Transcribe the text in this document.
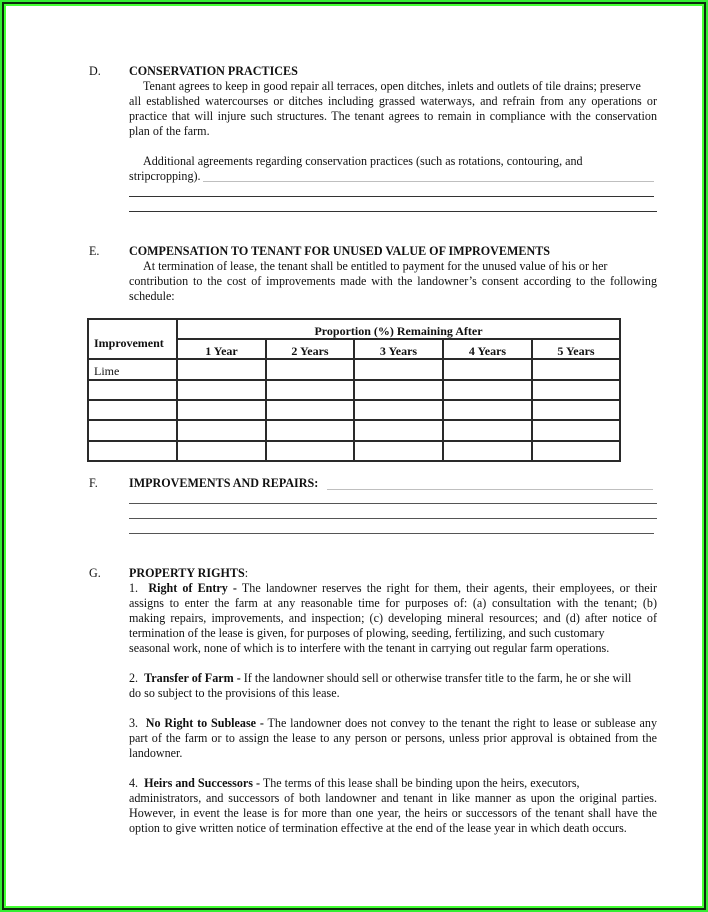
D. CONSERVATION PRACTICES

Tenant agrees to keep in good repair all terraces, open ditches, inlets and outlets of tile drains; preserve

all established watercourses or ditches including grassed waterways, and refrain from any operations or

practice that will injure such structures. The tenant agrees to remain in compliance with the conservation

plan of the farm.

Additional agreements regarding conservation practices (such as rotations, contouring, and

stripcropping).

E. COMPENSATION TO TENANT FOR UNUSED VALUE OF IMPROVEMENTS

At termination of lease, the tenant shall be entitled to payment for the unused value of his or her

contribution to the cost of improvements made with the landowner’s consent according to the following

schedule:

Improvement	Proportion (%) Remaining After				
	1 Year	2 Years	3 Years	4 Years	5 Years
Lime					

F.	IMPROVEMENTS AND REPAIRS:
G. PROPERTY RIGHTS:

1. Right of Entry - The landowner reserves the right for them, their agents, their employees, or their

assigns to enter the farm at any reasonable time for purposes of: (a) consultation with the tenant; (b)

making repairs, improvements, and inspection; (c) developing mineral resources; and (d) after notice of

termination of the lease is given, for purposes of plowing, seeding, fertilizing, and such customary

seasonal work, none of which is to interfere with the tenant in carrying out regular farm operations.

2. Transfer of Farm - If the landowner should sell or otherwise transfer title to the farm, he or she will

do so subject to the provisions of this lease.

3. No Right to Sublease - The landowner does not convey to the tenant the right to lease or sublease any

part of the farm or to assign the lease to any person or persons, unless prior approval is obtained from the

landowner.

4. Heirs and Successors - The terms of this lease shall be binding upon the heirs, executors,

administrators, and successors of both landowner and tenant in like manner as upon the original parties.

However, in event the lease is for more than one year, the heirs or successors of the tenant shall have the

option to give written notice of termination effective at the end of the lease year in which death occurs.
